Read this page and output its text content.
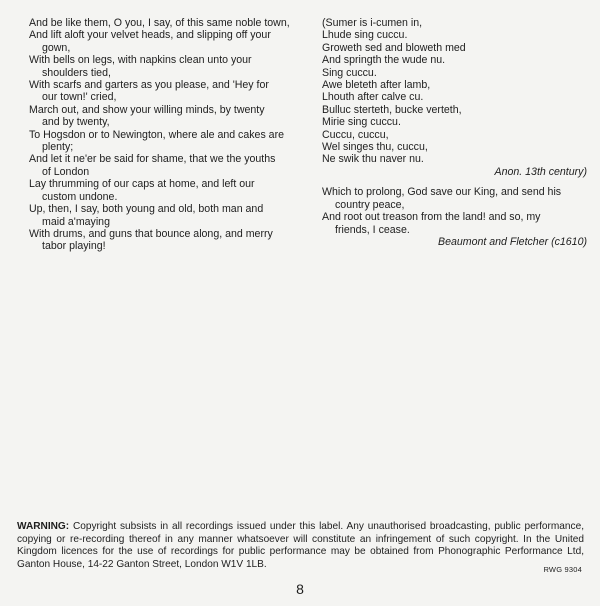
And be like them, O you, I say, of this same noble town,
And lift aloft your velvet heads, and slipping off your
gown,
With bells on legs, with napkins clean unto your
shoulders tied,
With scarfs and garters as you please, and 'Hey for
our town!' cried,
March out, and show your willing minds, by twenty
and by twenty,
To Hogsdon or to Newington, where ale and cakes are
plenty;
And let it ne'er be said for shame, that we the youths
of London
Lay thrumming of our caps at home, and left our
custom undone.
Up, then, I say, both young and old, both man and
maid a'maying
With drums, and guns that bounce along, and merry
tabor playing!
(Sumer is i-cumen in,
Lhude sing cuccu.
Groweth sed and bloweth med
And springth the wude nu.
Sing cuccu.
Awe bleteth after lamb,
Lhouth after calve cu.
Bulluc sterteth, bucke verteth,
Mirie sing cuccu.
Cuccu, cuccu,
Wel singes thu, cuccu,
Ne swik thu naver nu.
Anon. 13th century)
Which to prolong, God save our King, and send his
country peace,
And root out treason from the land! and so, my
friends, I cease.
Beaumont and Fletcher (c1610)
WARNING: Copyright subsists in all recordings issued under this label. Any unauthorised broadcasting, public performance, copying or re-recording thereof in any manner whatsoever will constitute an infringement of such copyright. In the United Kingdom licences for the use of recordings for public performance may be obtained from Phonographic Performance Ltd, Ganton House, 14-22 Ganton Street, London W1V 1LB.	RWG 9304
8
